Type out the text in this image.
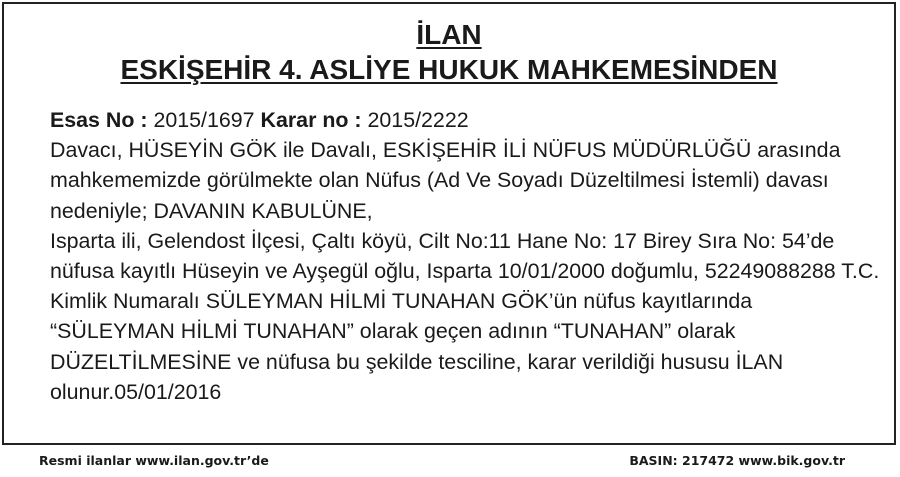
İLAN
ESKİŞEHİR 4. ASLİYE HUKUK MAHKEMESİNDEN

Esas No : 2015/1697 Karar no : 2015/2222

Davacı, HÜSEYİN GÖK ile Davalı, ESKİŞEHİR İLİ NÜFUS MÜDÜRLÜĞÜ arasında mahkememizde görülmekte olan Nüfus (Ad Ve Soyadı Düzeltilmesi İstemli) davası nedeniyle; DAVANIN KABULÜNE,

Isparta ili, Gelendost İlçesi, Çaltı köyü, Cilt No:11 Hane No: 17 Birey Sıra No: 54’de nüfusa kayıtlı Hüseyin ve Ayşegül oğlu, Isparta 10/01/2000 doğumlu, 52249088288 T.C. Kimlik Numaralı SÜLEYMAN HİLMİ TUNAHAN GÖK’ün nüfus kayıtlarında “SÜLEYMAN HİLMİ TUNAHAN” olarak geçen adının “TUNAHAN” olarak DÜZELTİLMESİNE ve nüfusa bu şekilde tesciline, karar verildiği hususu İLAN olunur.05/01/2016

Resmi ilanlar www.ilan.gov.tr’de	BASIN: 217472 www.bik.gov.tr
